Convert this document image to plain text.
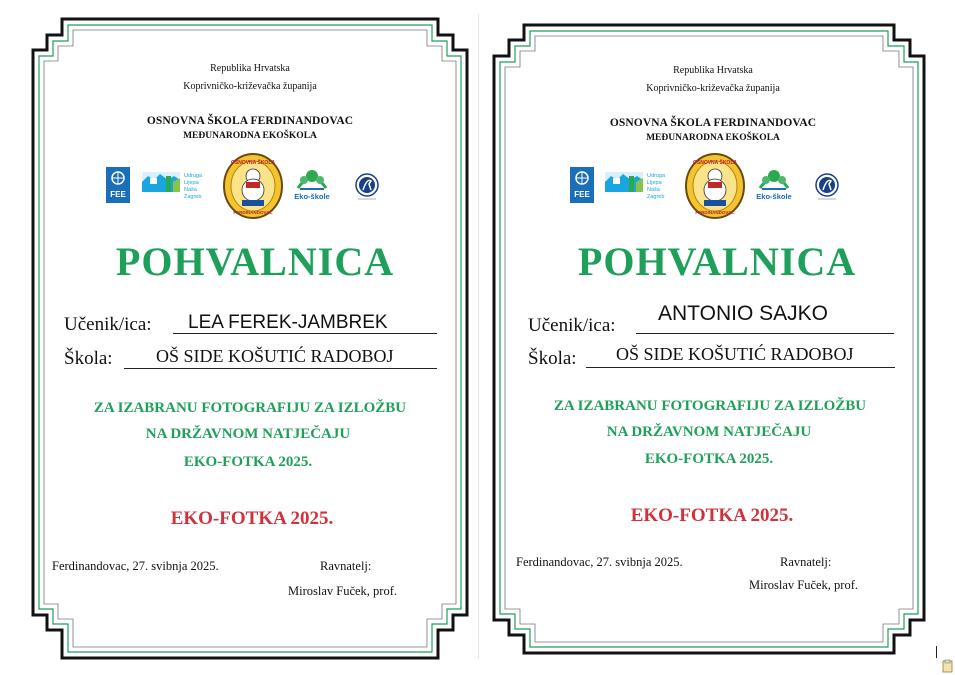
Republika Hrvatska
Koprivničko-križevačka županija
OSNOVNA ŠKOLA FERDINANDOVAC
MEĐUNARODNA EKOŠKOLA
FEE
Udruga
Lijepa
Naša
Zagreb
OSNOVNA ŠKOLA
FERDINANDOVAC
Eko-škole
POHVALNICA
Učenik/ica: LEA FEREK-JAMBREK
Škola: OŠ SIDE KOŠUTIĆ RADOBOJ
ZA IZABRANU FOTOGRAFIJU ZA IZLOŽBU
NA DRŽAVNOM NATJEČAJU
EKO-FOTKA 2025.
EKO-FOTKA 2025.
Ferdinandovac, 27. svibnja 2025.	Ravnatelj:
Miroslav Fuček, prof.
Republika Hrvatska
Koprivničko-križevačka županija
OSNOVNA ŠKOLA FERDINANDOVAC
MEĐUNARODNA EKOŠKOLA
FEE
Udruga
Lijepa
Naša
Zagreb
OSNOVNA ŠKOLA
FERDINANDOVAC
Eko-škole
POHVALNICA
Učenik/ica:
ANTONIO SAJKO
Škola: OŠ SIDE KOŠUTIĆ RADOBOJ
ZA IZABRANU FOTOGRAFIJU ZA IZLOŽBU
NA DRŽAVNOM NATJEČAJU
EKO-FOTKA 2025.
EKO-FOTKA 2025.
Ferdinandovac, 27. svibnja 2025.	Ravnatelj:
Miroslav Fuček, prof.
